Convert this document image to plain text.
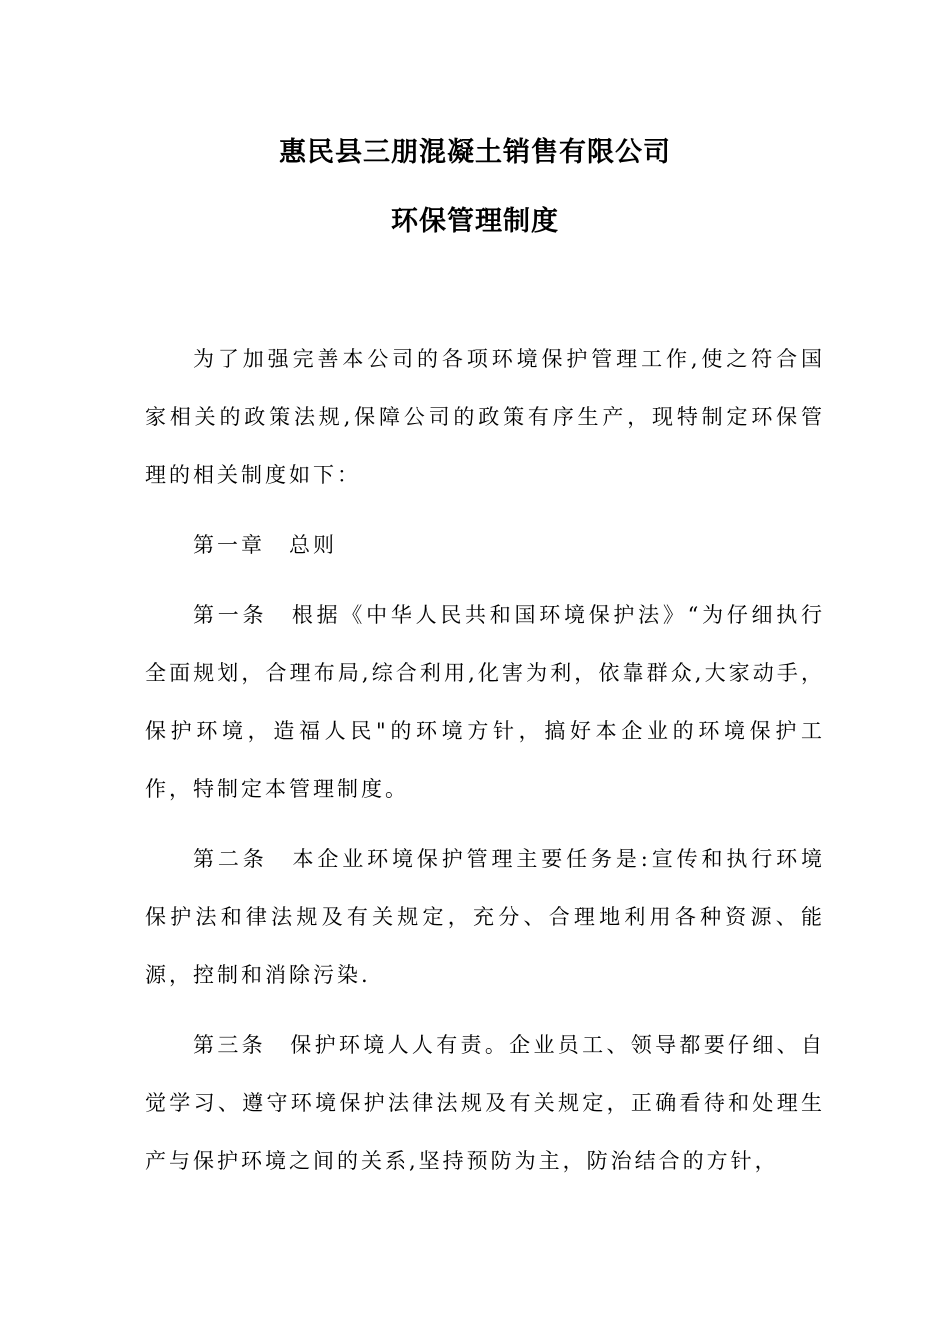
惠民县三朋混凝土销售有限公司
环保管理制度

为了加强完善本公司的各项环境保护管理工作,使之符合国家相关的政策法规,保障公司的政策有序生产，现特制定环保管理的相关制度如下：

第一章 总则

第一条 根据《中华人民共和国环境保护法》“为仔细执行全面规划，合理布局,综合利用,化害为利，依靠群众,大家动手，保护环境，造福人民"的环境方针，搞好本企业的环境保护工作，特制定本管理制度。

第二条 本企业环境保护管理主要任务是:宣传和执行环境保护法和律法规及有关规定，充分、合理地利用各种资源、能源，控制和消除污染.

第三条 保护环境人人有责。企业员工、领导都要仔细、自觉学习、遵守环境保护法律法规及有关规定，正确看待和处理生产与保护环境之间的关系,坚持预防为主，防治结合的方针，
